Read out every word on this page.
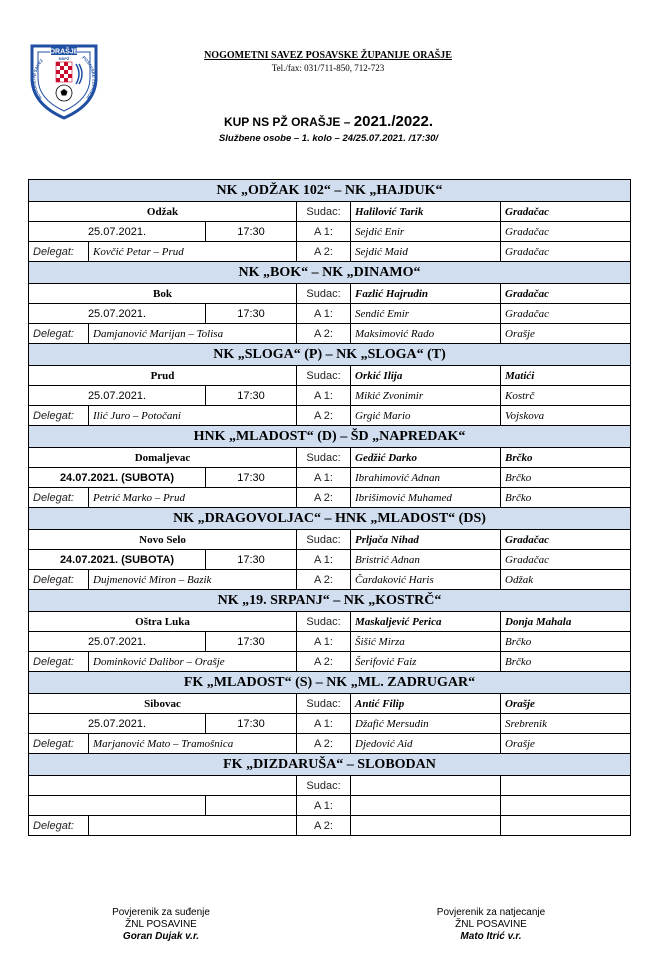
ORAŠJE
NOGOMETNI SAVEZ	POSAVSKE ŽUPANIJE
NSPŽ	NOGOMETNI SAVEZ POSAVSKE ŽUPANIJE ORAŠJE
Tel./fax: 031/711-850, 712-723
KUP NS PŽ ORAŠJE – 2021./2022.
Službene osobe – 1. kolo – 24/25.07.2021. /17:30/
NK „ODŽAK 102“ – NK „HAJDUK“					
Odžak			Sudac:	Halilović Tarik	Gradačac
25.07.2021.		17:30	A 1:	Sejdić Enir	Gradačac
Delegat:	Kovčić Petar – Prud		A 2:	Sejdić Maid	Gradačac
NK „BOK“ – NK „DINAMO“					
Bok			Sudac:	Fazlić Hajrudin	Gradačac
25.07.2021.		17:30	A 1:	Sendić Emir	Gradačac
Delegat:	Damjanović Marijan – Tolisa		A 2:	Maksimović Rado	Orašje
NK „SLOGA“ (P) – NK „SLOGA“ (T)					
Prud			Sudac:	Orkić Ilija	Matići
25.07.2021.		17:30	A 1:	Mikić Zvonimir	Kostrč
Delegat:	Ilić Juro – Potočani		A 2:	Grgić Mario	Vojskova
HNK „MLADOST“ (D) – ŠD „NAPREDAK“					
Domaljevac			Sudac:	Gedžić Darko	Brčko
24.07.2021. (SUBOTA)		17:30	A 1:	Ibrahimović Adnan	Brčko
Delegat:	Petrić Marko – Prud		A 2:	Ibrišimović Muhamed	Brčko
NK „DRAGOVOLJAC“ – HNK „MLADOST“ (DS)					
Novo Selo			Sudac:	Prljača Nihad	Gradačac
24.07.2021. (SUBOTA)		17:30	A 1:	Bristrić Adnan	Gradačac
Delegat:	Dujmenović Miron – Bazik		A 2:	Čardaković Haris	Odžak
NK „19. SRPANJ“ – NK „KOSTRČ“					
Oštra Luka			Sudac:	Maskaljević Perica	Donja Mahala
25.07.2021.		17:30	A 1:	Šišić Mirza	Brčko
Delegat:	Dominković Dalibor – Orašje		A 2:	Šerifović Faiz	Brčko
FK „MLADOST“ (S) – NK „ML. ZADRUGAR“					
Sibovac			Sudac:	Antić Filip	Orašje
25.07.2021.		17:30	A 1:	Džafić Mersudin	Srebrenik
Delegat:	Marjanović Mato – Tramošnica		A 2:	Djedović Aid	Orašje
FK „DIZDARUŠA“ – SLOBODAN					
			Sudac:		
			A 1:		
Delegat:			A 2:		
Povjerenik za suđenje
ŽNL POSAVINE
Goran Dujak v.r.
Povjerenik za natjecanje
ŽNL POSAVINE
Mato Itrić v.r.
